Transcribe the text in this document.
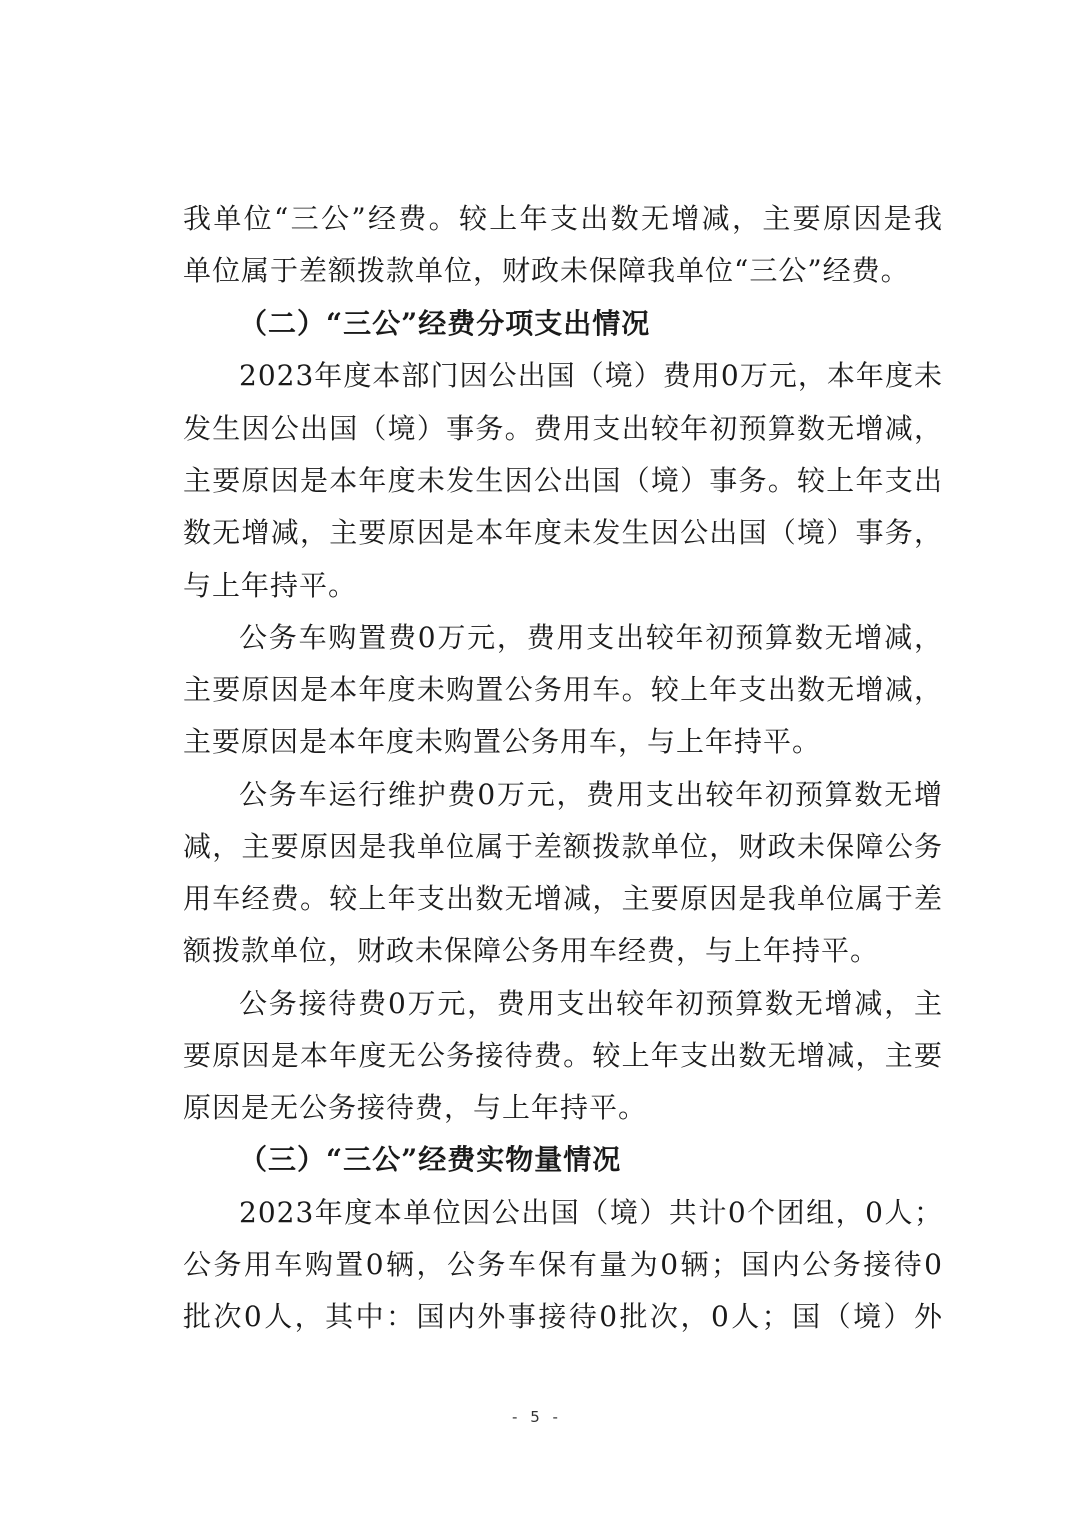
我单位“三公”经费。较上年支出数无增减，主要原因是我

单位属于差额拨款单位，财政未保障我单位“三公”经费。

（二）“三公”经费分项支出情况

2023年度本部门因公出国（境）费用0万元，本年度未

发生因公出国（境）事务。费用支出较年初预算数无增减，

主要原因是本年度未发生因公出国（境）事务。较上年支出

数无增减，主要原因是本年度未发生因公出国（境）事务，

与上年持平。

公务车购置费0万元，费用支出较年初预算数无增减，

主要原因是本年度未购置公务用车。较上年支出数无增减，

主要原因是本年度未购置公务用车，与上年持平。

公务车运行维护费0万元，费用支出较年初预算数无增

减，主要原因是我单位属于差额拨款单位，财政未保障公务

用车经费。较上年支出数无增减，主要原因是我单位属于差

额拨款单位，财政未保障公务用车经费，与上年持平。

公务接待费0万元，费用支出较年初预算数无增减，主

要原因是本年度无公务接待费。较上年支出数无增减，主要

原因是无公务接待费，与上年持平。

（三）“三公”经费实物量情况

2023年度本单位因公出国（境）共计0个团组，0人；

公务用车购置0辆，公务车保有量为0辆；国内公务接待0

批次0人，其中：国内外事接待0批次，0人；国（境）外

- 5 -
